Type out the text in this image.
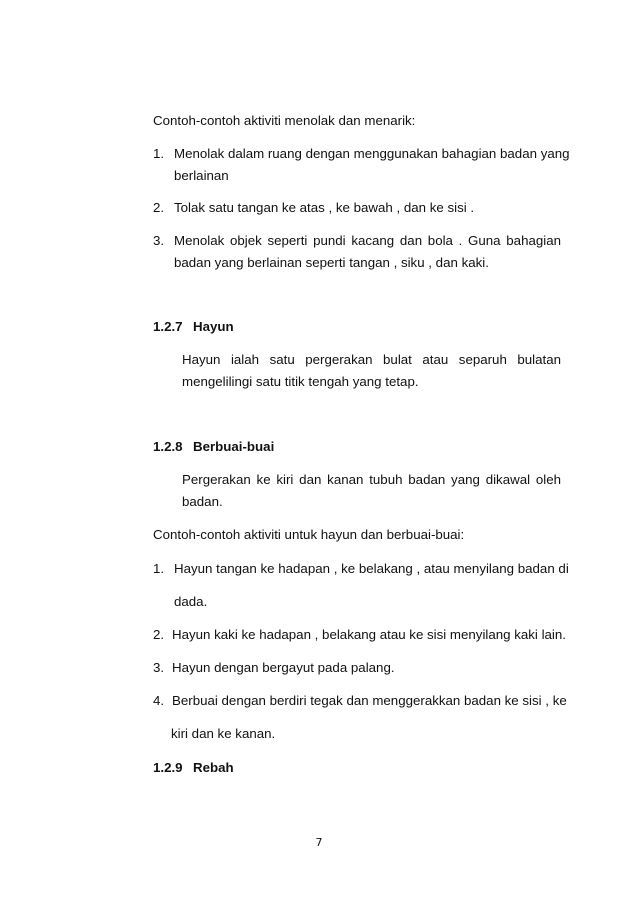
Contoh-contoh aktiviti menolak dan menarik:
1. Menolak dalam ruang dengan menggunakan bahagian badan yang
berlainan
2. Tolak satu tangan ke atas , ke bawah , dan ke sisi .
3. Menolak objek seperti pundi kacang dan bola . Guna bahagian
badan yang berlainan seperti tangan , siku , dan kaki.
1.2.7 Hayun
Hayun ialah satu pergerakan bulat atau separuh bulatan
mengelilingi satu titik tengah yang tetap.
1.2.8 Berbuai-buai
Pergerakan ke kiri dan kanan tubuh badan yang dikawal oleh
badan.
Contoh-contoh aktiviti untuk hayun dan berbuai-buai:
1. Hayun tangan ke hadapan , ke belakang , atau menyilang badan di
dada.
2. Hayun kaki ke hadapan , belakang atau ke sisi menyilang kaki lain.
3. Hayun dengan bergayut pada palang.
4. Berbuai dengan berdiri tegak dan menggerakkan badan ke sisi , ke
kiri dan ke kanan.
1.2.9 Rebah
7
